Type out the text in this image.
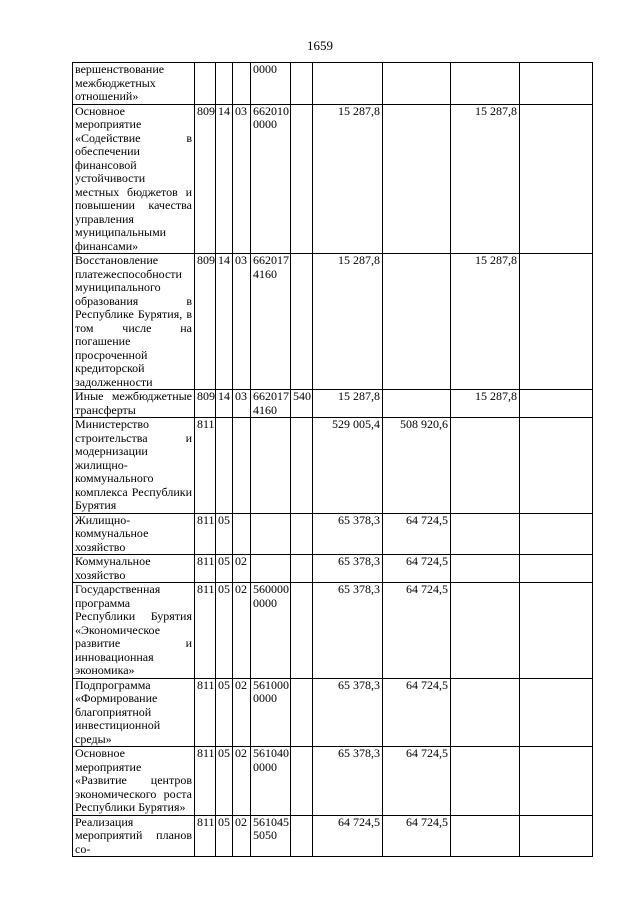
1659
вершенствование межбюджетных отношений»				0000					
Основное мероприятие «Содействие в обеспечении финансовой устойчивости местных бюджетов и повышении качества управления муниципальными финансами»	809	14	03	662010
0000		15 287,8		15 287,8	
Восстановление платежеспособности муниципального образования в Республике Бурятия, в том числе на погашение просроченной кредиторской задолженности	809	14	03	662017
4160		15 287,8		15 287,8	
Иные межбюджетные трансферты	809	14	03	662017
4160	540	15 287,8		15 287,8	
Министерство строительства и модернизации жилищно-коммунального комплекса Республики Бурятия	811					529 005,4	508 920,6		
Жилищно-коммунальное хозяйство	811	05				65 378,3	64 724,5		
Коммунальное хозяйство	811	05	02			65 378,3	64 724,5		
Государственная программа Республики Бурятия «Экономическое развитие и инновационная экономика»	811	05	02	560000
0000		65 378,3	64 724,5		
Подпрограмма «Формирование благоприятной инвестиционной среды»	811	05	02	561000
0000		65 378,3	64 724,5		
Основное мероприятие «Развитие центров экономического роста Республики Бурятия»	811	05	02	561040
0000		65 378,3	64 724,5		
Реализация мероприятий планов со-	811	05	02	561045
5050		64 724,5	64 724,5		
